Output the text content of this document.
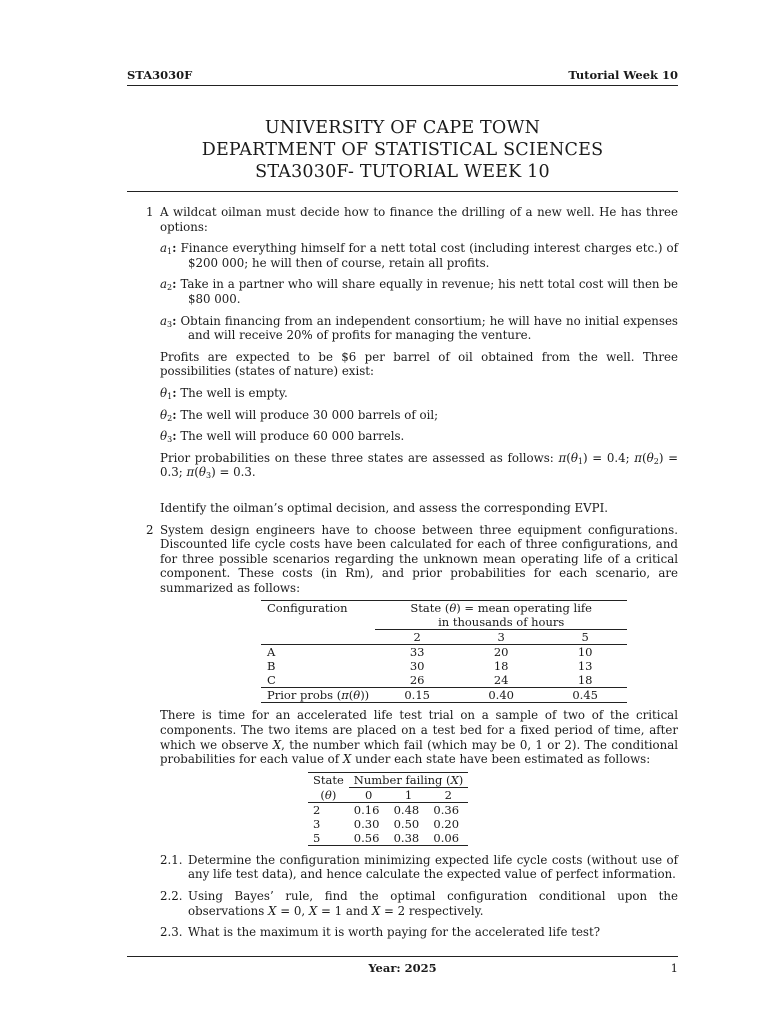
STA3030F	Tutorial Week 10
UNIVERSITY OF CAPE TOWN
DEPARTMENT OF STATISTICAL SCIENCES
STA3030F- TUTORIAL WEEK 10
1 A wildcat oilman must decide how to finance the drilling of a new well. He has three options:

$a_1$: Finance everything himself for a nett total cost (including interest charges etc.) of $200 000; he will then of course, retain all profits.

$a_2$: Take in a partner who will share equally in revenue; his nett total cost will then be $80 000.

$a_3$: Obtain financing from an independent consortium; he will have no initial expenses and will receive 20% of profits for managing the venture.

Profits are expected to be $6 per barrel of oil obtained from the well. Three possibilities (states of nature) exist:

$\theta_1$: The well is empty.

$\theta_2$: The well will produce 30 000 barrels of oil;

$\theta_3$: The well will produce 60 000 barrels.

Prior probabilities on these three states are assessed as follows: $\pi(\theta_1) = 0.4$; $\pi(\theta_2) = 0.3$; $\pi(\theta_3) = 0.3$.

Identify the oilman’s optimal decision, and assess the corresponding EVPI.

2 System design engineers have to choose between three equipment configurations. Discounted life cycle costs have been calculated for each of three configurations, and for three possible scenarios regarding the unknown mean operating life of a critical component. These costs (in Rm), and prior probabilities for each scenario, are summarized as follows:

Configuration	State (θ) = mean operating life		
	in thousands of hours		
	2	3	5
A	33	20	10
B	30	18	13
C	26	24	18
Prior probs (π(θ))	0.15	0.40	0.45

There is time for an accelerated life test trial on a sample of two of the critical components. The two items are placed on a test bed for a fixed period of time, after which we observe X, the number which fail (which may be 0, 1 or 2). The conditional probabilities for each value of X under each state have been estimated as follows:

State	Number failing (X)		
(θ)	0	1	2
2	0.16	0.48	0.36
3	0.30	0.50	0.20
5	0.56	0.38	0.06
2.1. Determine the configuration minimizing expected life cycle costs (without use of any life test data), and hence calculate the expected value of perfect information.
2.2. Using Bayes’ rule, find the optimal configuration conditional upon the observations X = 0, X = 1 and X = 2 respectively.
2.3. What is the maximum it is worth paying for the accelerated life test?
Year: 2025	1
